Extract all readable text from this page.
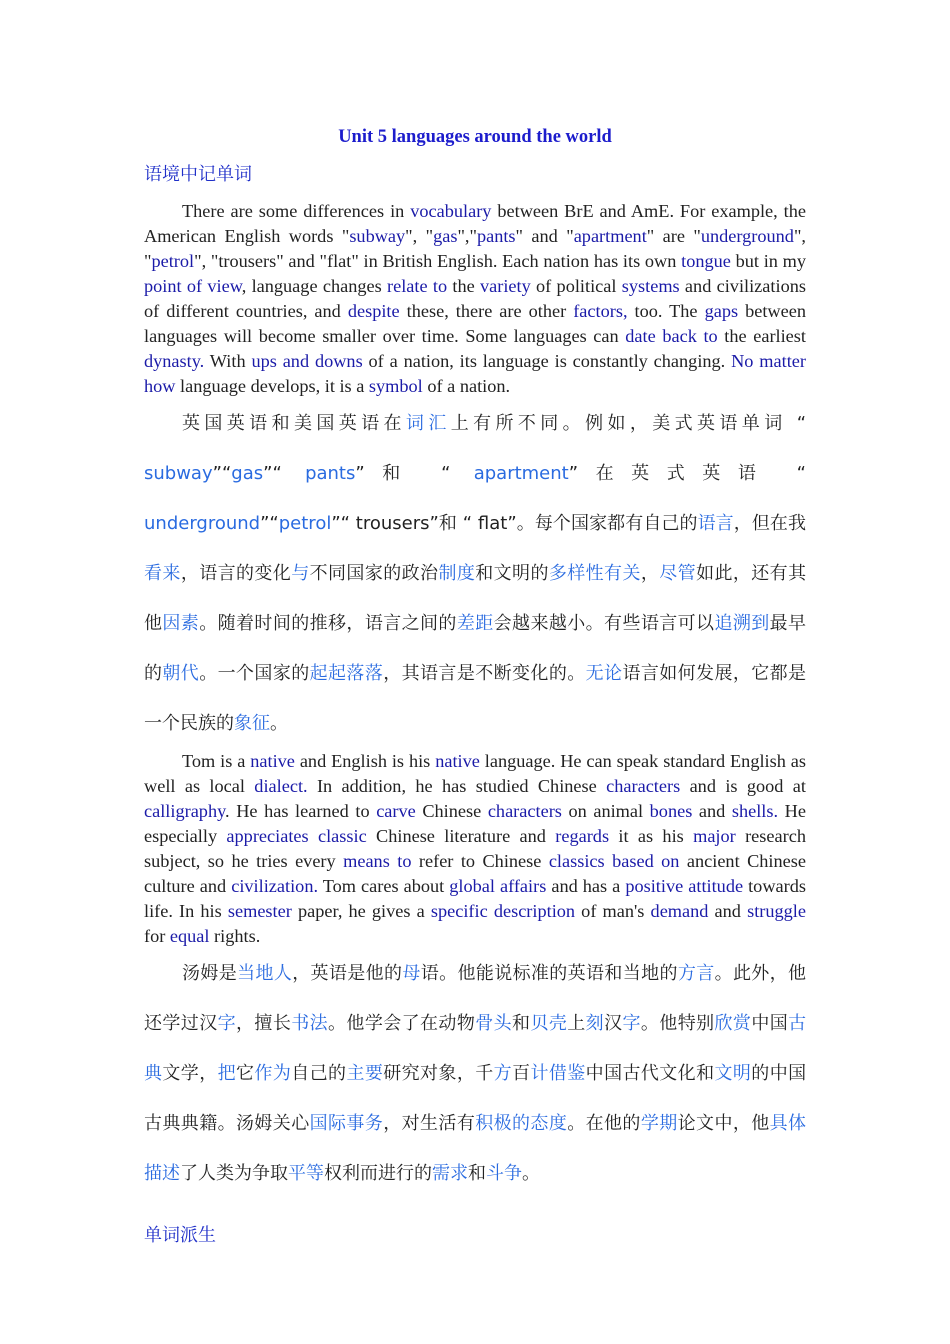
Unit 5 languages around the world
语境中记单词

There are some differences in vocabulary between BrE and AmE. For example, the American English words "subway", "gas","pants" and "apartment" are "underground", "petrol", "trousers" and "flat" in British English. Each nation has its own tongue but in my point of view, language changes relate to the variety of political systems and civilizations of different countries, and despite these, there are other factors, too. The gaps between languages will become smaller over time. Some languages can date back to the earliest dynasty. With ups and downs of a nation, its language is constantly changing. No matter how language develops, it is a symbol of a nation.

英国英语和美国英语在词汇上有所不同。例如，美式英语单词 “ subway”“gas”“ pants”和 “ apartment”在英式英语 “ underground”“petrol”“ trousers”和 “ flat”。每个国家都有自己的语言，但在我看来，语言的变化与不同国家的政治制度和文明的多样性有关，尽管如此，还有其他因素。随着时间的推移，语言之间的差距会越来越小。有些语言可以追溯到最早的朝代。一个国家的起起落落，其语言是不断变化的。无论语言如何发展，它都是一个民族的象征。

Tom is a native and English is his native language. He can speak standard English as well as local dialect. In addition, he has studied Chinese characters and is good at calligraphy. He has learned to carve Chinese characters on animal bones and shells. He especially appreciates classic Chinese literature and regards it as his major research subject, so he tries every means to refer to Chinese classics based on ancient Chinese culture and civilization. Tom cares about global affairs and has a positive attitude towards life. In his semester paper, he gives a specific description of man's demand and struggle for equal rights.

汤姆是当地人，英语是他的母语。他能说标准的英语和当地的方言。此外，他还学过汉字，擅长书法。他学会了在动物骨头和贝壳上刻汉字。他特别欣赏中国古典文学，把它作为自己的主要研究对象，千方百计借鉴中国古代文化和文明的中国古典典籍。汤姆关心国际事务，对生活有积极的态度。在他的学期论文中，他具体描述了人类为争取平等权利而进行的需求和斗争。

单词派生
